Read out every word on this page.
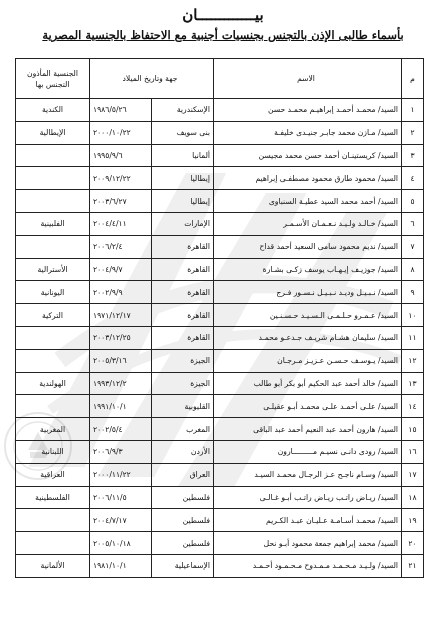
بيـــــــــــــان
بأسماء طالبى الإذن بالتجنس بجنسيات أجنبية مع الاحتفاظ بالجنسية المصرية
م	الاسم	جهة وتاريخ الميلاد		الجنسية المأذون التجنس بها
١	السيد/ محمـد أحمـد إبراهيـم محمـد حسن	الإسكندرية	١٩٨٦/٥/٢٦	الكندية
٢	السيد/ مـازن محمد جابـر جنيـدى خليفـة	بنى سويف	٢٠٠٠/١٠/٢٢	الإيطالية
٣	السيد/ كريستينـان أحمد حسن محمد مجيسن	ألمانيا	١٩٩٥/٩/٦	
٤	السيد/ محمود طارق محمود مصطفـى إبراهيم	إيطاليا	٢٠٠٩/١٢/٢٢	
٥	السيد/ أحمد محمد السيد عطيـة السنباوى	إيطاليا	٢٠٠٣/٦/٢٧	
٦	السيد/ خـالـد ولـيـد نـعـمـان الأسـمـر	الإمارات	٢٠٠٤/٤/١١	الفلبينية
٧	السيد/ نديم محمود سامى السعيد أحمد قداح	القاهرة	٢٠٠٦/٢/٤	
٨	السيد/ جوزيـف إيـهـاب يوسف زكـى بشـارة	القاهرة	٢٠٠٤/٩/٧	الأسترالية
٩	السيد/ نـبـيـل وديـد نـبـيـل نـسـور فـرج	القاهرة	٢٠٠٢/٩/٩	اليونانية
١٠	السيد/ عـمـرو حـلـمـى الـسـيـد حـسـنـين	القاهرة	١٩٧١/١٢/١٧	التركية
١١	السيد/ سليمان هشـام شريـف جـدعـو محمـد	القاهرة	٢٠٠٣/١٢/٢٥	
١٢	السيد/ يـوسـف حـسـن عـزيـز مـرجـان	الجيزة	٢٠٠٥/٣/١٦	
١٣	السيد/ خالد أحمد عبد الحكيم أبو بكر أبو طالب	الجيزة	١٩٩٣/١٢/٢	الهولندية
١٤	السيد/ علـى أحمـد علـى محمـد أبـو عقيلـى	القليوبية	١٩٩١/١٠/١	
١٥	السيد/ هارون أحمد عبد النعيم أحمد عبد الباقى	المغرب	٢٠٠٢/٥/٤	المغربية
١٦	السيد/ رودى دانـى نسيـم مـــــــــارون	الأردن	٢٠٠٦/٩/٣	اللبنانية
١٧	السيد/ وسـام ناجـح عـز الرجـال محمـد السيـد	العراق	٢٠٠٠/١١/٢٢	العراقية
١٨	السيد/ ريـاض راتـب ريـاض راتـب أبـو غـالـى	فلسطين	٢٠٠٦/١١/٥	الفلسطينية
١٩	السيد/ محمـد أسـامـة عـليـان عبـد الكـريم	فلسطين	٢٠٠٤/٧/١٧	
٢٠	السيد/ محمد إبراهيم جمعة محمود أبـو نحل	فلسطين	٢٠٠٥/١٠/١٨	
٢١	السيد/ ولـيـد مـحـمـد مـمـدوح مـحـمـود أحـمـد	الإسماعيلية	١٩٨١/١٠/١	الألمانية
